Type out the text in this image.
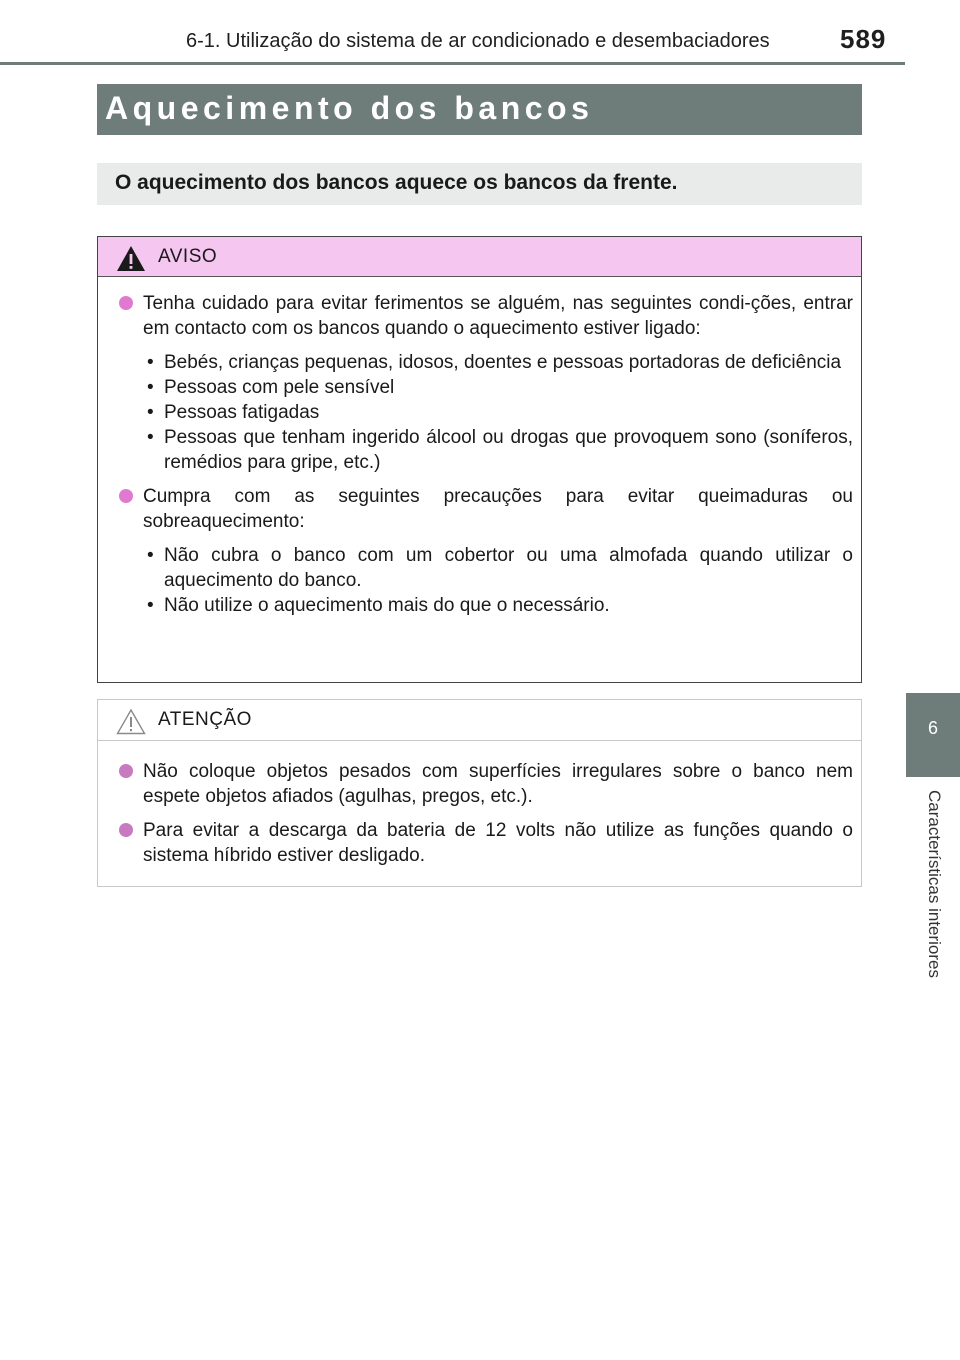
6-1. Utilização do sistema de ar condicionado e desembaciadores	589
6
Características interiores
Aquecimento dos bancos
O aquecimento dos bancos aquece os bancos da frente.
AVISO
Tenha cuidado para evitar ferimentos se alguém, nas seguintes condi-ções, entrar em contacto com os bancos quando o aquecimento estiver ligado:
• Bebés, crianças pequenas, idosos, doentes e pessoas portadoras de deficiência
• Pessoas com pele sensível
• Pessoas fatigadas
• Pessoas que tenham ingerido álcool ou drogas que provoquem sono (soníferos, remédios para gripe, etc.)
Cumpra com as seguintes precauções para evitar queimaduras ou sobreaquecimento:
• Não cubra o banco com um cobertor ou uma almofada quando utilizar o aquecimento do banco.
• Não utilize o aquecimento mais do que o necessário.
ATENÇÃO
Não coloque objetos pesados com superfícies irregulares sobre o banco nem espete objetos afiados (agulhas, pregos, etc.).
Para evitar a descarga da bateria de 12 volts não utilize as funções quando o sistema híbrido estiver desligado.
